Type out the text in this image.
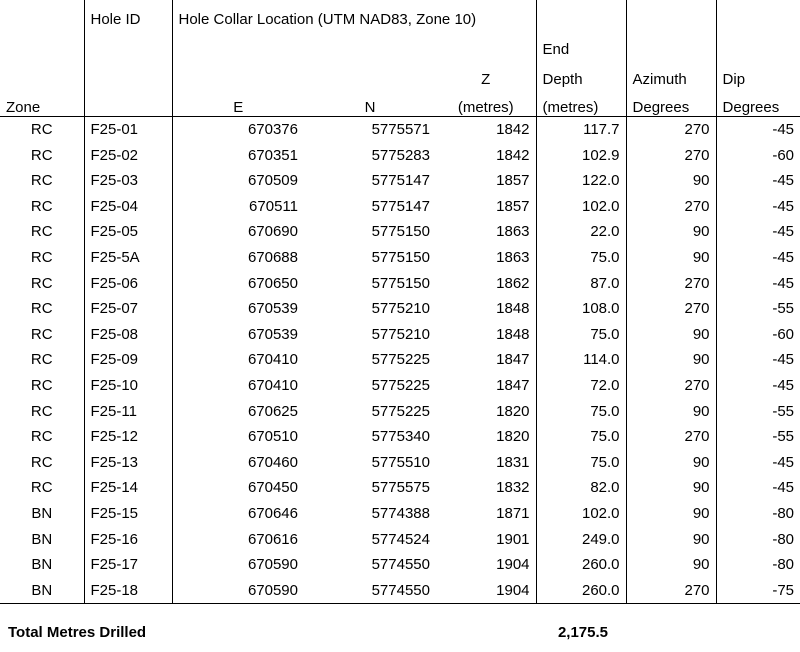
	Hole ID	Hole Collar Location (UTM NAD83, Zone 10)					
					End		
				Z	Depth	Azimuth	Dip
Zone		E	N	(metres)	(metres)	Degrees	Degrees
RC	F25-01	670376	5775571	1842	117.7	270	-45
RC	F25-02	670351	5775283	1842	102.9	270	-60
RC	F25-03	670509	5775147	1857	122.0	90	-45
RC	F25-04	670511	5775147	1857	102.0	270	-45
RC	F25-05	670690	5775150	1863	22.0	90	-45
RC	F25-5A	670688	5775150	1863	75.0	90	-45
RC	F25-06	670650	5775150	1862	87.0	270	-45
RC	F25-07	670539	5775210	1848	108.0	270	-55
RC	F25-08	670539	5775210	1848	75.0	90	-60
RC	F25-09	670410	5775225	1847	114.0	90	-45
RC	F25-10	670410	5775225	1847	72.0	270	-45
RC	F25-11	670625	5775225	1820	75.0	90	-55
RC	F25-12	670510	5775340	1820	75.0	270	-55
RC	F25-13	670460	5775510	1831	75.0	90	-45
RC	F25-14	670450	5775575	1832	82.0	90	-45
BN	F25-15	670646	5774388	1871	102.0	90	-80
BN	F25-16	670616	5774524	1901	249.0	90	-80
BN	F25-17	670590	5774550	1904	260.0	90	-80
BN	F25-18	670590	5774550	1904	260.0	270	-75
Total Metres Drilled	2,175.5
